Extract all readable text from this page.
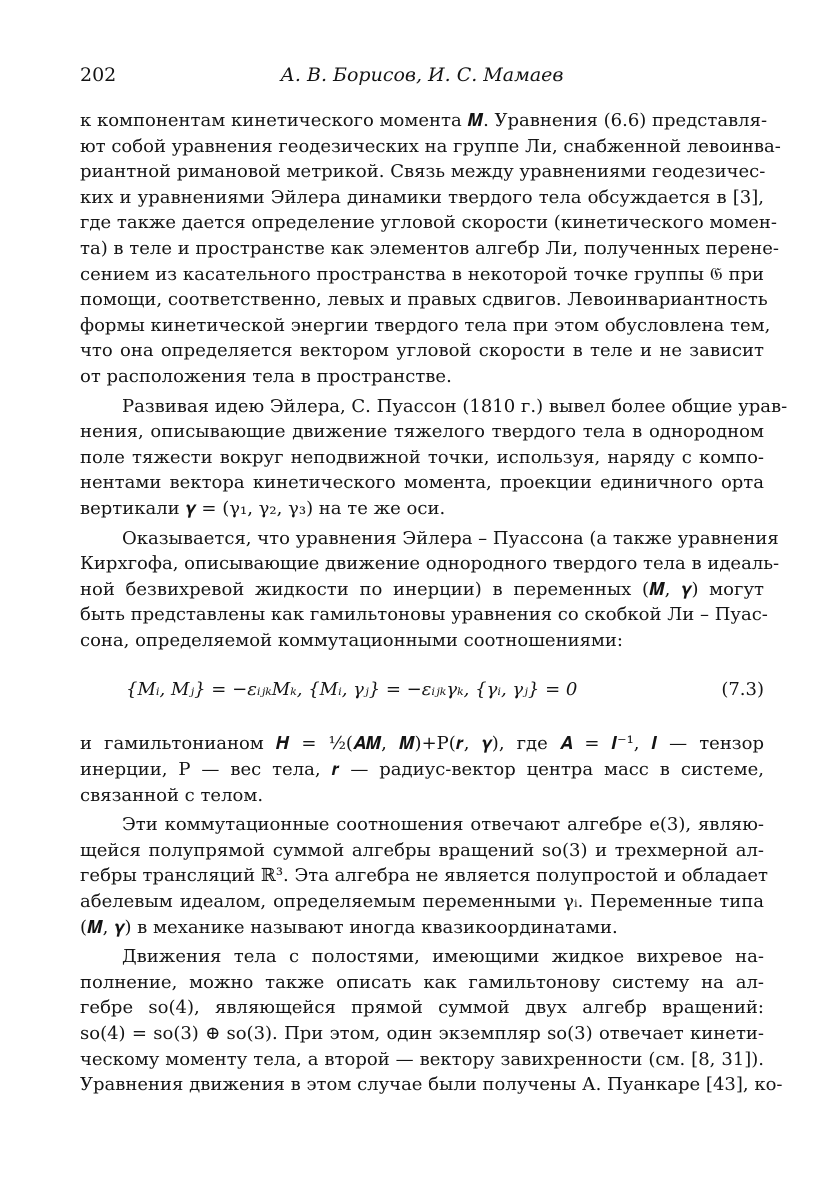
202	А. В. Борисов, И. С. Мамаев
к компонентам кинетического момента 𝑴. Уравнения (6.6) представля-
ют собой уравнения геодезических на группе Ли, снабженной левоинва-
риантной римановой метрикой. Связь между уравнениями геодезичес-
ких и уравнениями Эйлера динамики твердого тела обсуждается в [3],
где также дается определение угловой скорости (кинетического момен-
та) в теле и пространстве как элементов алгебр Ли, полученных перене-
сением из касательного пространства в некоторой точке группы 𝔊 при
помощи, соответственно, левых и правых сдвигов. Левоинвариантность
формы кинетической энергии твердого тела при этом обусловлена тем,
что она определяется вектором угловой скорости в теле и не зависит
от расположения тела в пространстве.
Развивая идею Эйлера, С. Пуассон (1810 г.) вывел более общие урав-
нения, описывающие движение тяжелого твердого тела в однородном
поле тяжести вокруг неподвижной точки, используя, наряду с компо-
нентами вектора кинетического момента, проекции единичного орта
вертикали 𝜸 = (γ₁, γ₂, γ₃) на те же оси.
Оказывается, что уравнения Эйлера – Пуассона (а также уравнения
Кирхгофа, описывающие движение однородного твердого тела в идеаль-
ной безвихревой жидкости по инерции) в переменных (𝑴, 𝜸) могут
быть представлены как гамильтоновы уравнения со скобкой Ли – Пуас-
сона, определяемой коммутационными соотношениями:
{Mᵢ, Mⱼ} = −εᵢⱼₖMₖ, {Mᵢ, γⱼ} = −εᵢⱼₖγₖ, {γᵢ, γⱼ} = 0	(7.3)
и гамильтонианом 𝑯 = ½(𝑨𝑴, 𝑴)+P(𝒓, 𝜸), где 𝑨 = 𝑰⁻¹, 𝑰 — тензор
инерции, P — вес тела, 𝒓 — радиус-вектор центра масс в системе,
связанной с телом.
Эти коммутационные соотношения отвечают алгебре e(3), являю-
щейся полупрямой суммой алгебры вращений so(3) и трехмерной ал-
гебры трансляций ℝ³. Эта алгебра не является полупростой и обладает
абелевым идеалом, определяемым переменными γᵢ. Переменные типа
(𝑴, 𝜸) в механике называют иногда квазикоординатами.
Движения тела с полостями, имеющими жидкое вихревое на-
полнение, можно также описать как гамильтонову систему на ал-
гебре so(4), являющейся прямой суммой двух алгебр вращений:
so(4) = so(3) ⊕ so(3). При этом, один экземпляр so(3) отвечает кинети-
ческому моменту тела, а второй — вектору завихренности (см. [8, 31]).
Уравнения движения в этом случае были получены А. Пуанкаре [43], ко-
